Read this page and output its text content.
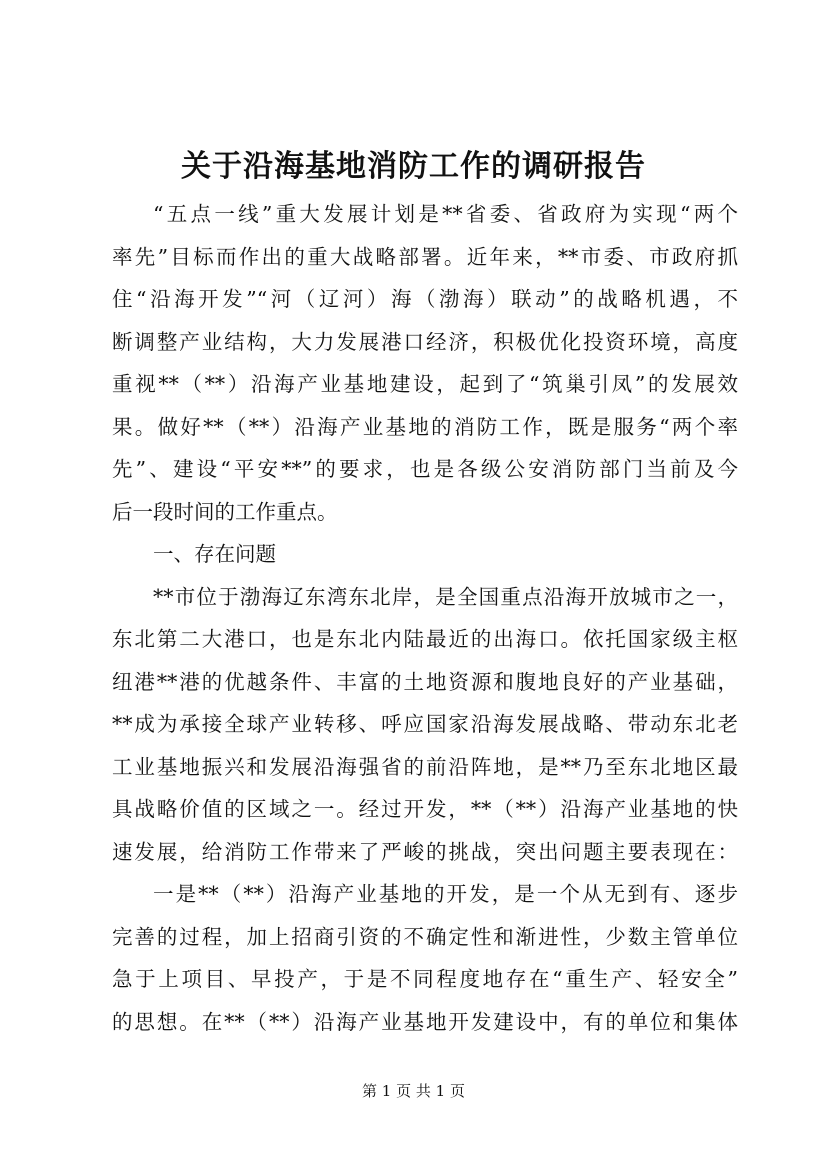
关于沿海基地消防工作的调研报告
“五点一线”重大发展计划是**省委、省政府为实现“两个
率先”目标而作出的重大战略部署。近年来，**市委、市政府抓
住“沿海开发”“河（辽河）海（渤海）联动”的战略机遇，不
断调整产业结构，大力发展港口经济，积极优化投资环境，高度
重视**（**）沿海产业基地建设，起到了“筑巢引凤”的发展效
果。做好**（**）沿海产业基地的消防工作，既是服务“两个率
先”、建设“平安**”的要求，也是各级公安消防部门当前及今
后一段时间的工作重点。
一、存在问题
**市位于渤海辽东湾东北岸，是全国重点沿海开放城市之一，
东北第二大港口，也是东北内陆最近的出海口。依托国家级主枢
纽港**港的优越条件、丰富的土地资源和腹地良好的产业基础，
**成为承接全球产业转移、呼应国家沿海发展战略、带动东北老
工业基地振兴和发展沿海强省的前沿阵地，是**乃至东北地区最
具战略价值的区域之一。经过开发，**（**）沿海产业基地的快
速发展，给消防工作带来了严峻的挑战，突出问题主要表现在：
一是**（**）沿海产业基地的开发，是一个从无到有、逐步
完善的过程，加上招商引资的不确定性和渐进性，少数主管单位
急于上项目、早投产，于是不同程度地存在“重生产、轻安全”
的思想。在**（**）沿海产业基地开发建设中，有的单位和集体
第 1 页 共 1 页
